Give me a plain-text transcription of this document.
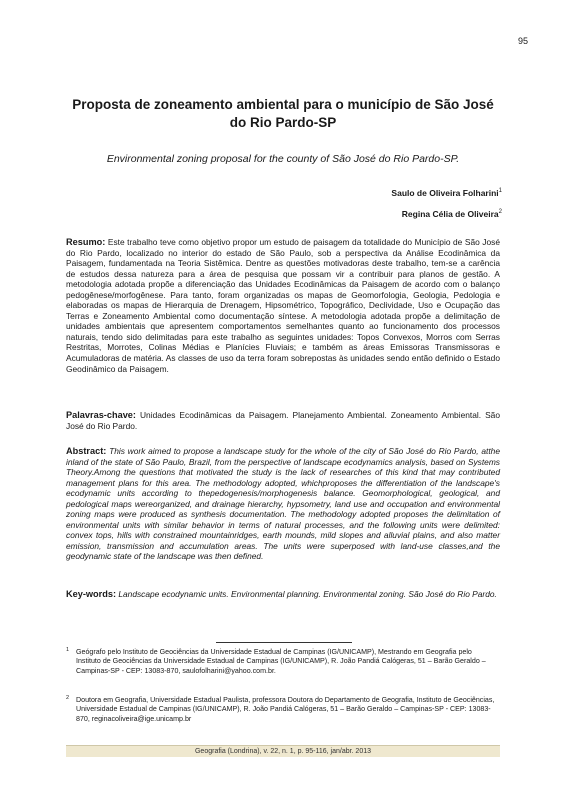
95
Proposta de zoneamento ambiental para o município de São José
do Rio Pardo-SP
Environmental zoning proposal for the county of São José do Rio Pardo-SP.
Saulo de Oliveira Folharini$^1$
Regina Célia de Oliveira$^2$
Resumo: Este trabalho teve como objetivo propor um estudo de paisagem da totalidade do Município de São José do Rio Pardo, localizado no interior do estado de São Paulo, sob a perspectiva da Análise Ecodinâmica da Paisagem, fundamentada na Teoria Sistêmica. Dentre as questões motivadoras deste trabalho, tem-se a carência de estudos dessa natureza para a área de pesquisa que possam vir a contribuir para planos de gestão. A metodologia adotada propõe a diferenciação das Unidades Ecodinâmicas da Paisagem de acordo com o balanço pedogênese/morfogênese. Para tanto, foram organizadas os mapas de Geomorfologia, Geologia, Pedologia e elaboradas os mapas de Hierarquia de Drenagem, Hipsométrico, Topográfico, Declividade, Uso e Ocupação das Terras e Zoneamento Ambiental como documentação síntese. A metodologia adotada propõe a delimitação de unidades ambientais que apresentem comportamentos semelhantes quanto ao funcionamento dos processos naturais, tendo sido delimitadas para este trabalho as seguintes unidades: Topos Convexos, Morros com Serras Restritas, Morrotes, Colinas Médias e Planícies Fluviais; e também as áreas Emissoras Transmissoras e Acumuladoras de matéria. As classes de uso da terra foram sobrepostas às unidades sendo então definido o Estado Geodinâmico da Paisagem.
Palavras-chave: Unidades Ecodinâmicas da Paisagem. Planejamento Ambiental. Zoneamento Ambiental. São José do Rio Pardo.
Abstract: This work aimed to propose a landscape study for the whole of the city of São José do Rio Pardo, atthe inland of the state of São Paulo, Brazil, from the perspective of landscape ecodynamics analysis, based on Systems Theory.Among the questions that motivated the study is the lack of researches of this kind that may contributed management plans for this area. The methodology adopted, whichproposes the differentiation of the landscape's ecodynamic units according to thepedogenesis/morphogenesis balance. Geomorphological, geological, and pedological maps wereorganized, and drainage hierarchy, hypsometry, land use and occupation and environmental zoning maps were produced as synthesis documentation. The methodology adopted proposes the delimitation of environmental units with similar behavior in terms of natural processes, and the following units were delimited: convex tops, hills with constrained mountainridges, earth mounds, mild slopes and alluvial plains, and also matter emission, transmission and accumulation areas. The units were superposed with land-use classes,and the geodynamic state of the landscape was then defined.
Key-words: Landscape ecodynamic units. Environmental planning. Environmental zoning. São José do Rio Pardo.
1 Geógrafo pelo Instituto de Geociências da Universidade Estadual de Campinas (IG/UNICAMP), Mestrando em Geografia pelo Instituto de Geociências da Universidade Estadual de Campinas (IG/UNICAMP), R. João Pandiá Calógeras, 51 – Barão Geraldo – Campinas-SP - CEP: 13083-870, saulofolharini@yahoo.com.br.
2 Doutora em Geografia, Universidade Estadual Paulista, professora Doutora do Departamento de Geografia, Instituto de Geociências, Universidade Estadual de Campinas (IG/UNICAMP), R. João Pandiá Calógeras, 51 – Barão Geraldo – Campinas-SP - CEP: 13083-870, reginacoliveira@ige.unicamp.br
Geografia (Londrina), v. 22, n. 1, p. 95-116, jan/abr. 2013
